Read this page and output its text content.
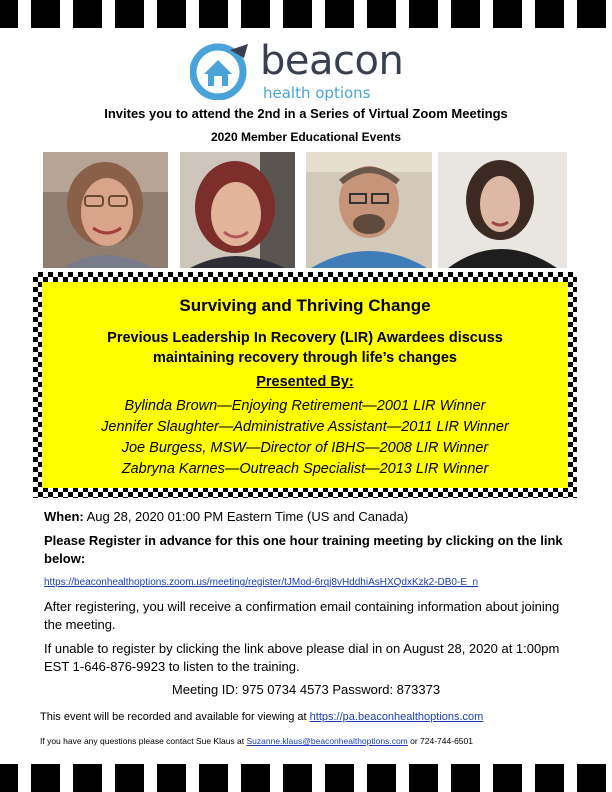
beacon
health options
Invites you to attend the 2nd in a Series of Virtual Zoom Meetings
2020 Member Educational Events
Surviving and Thriving Change
Previous Leadership In Recovery (LIR) Awardees discuss
maintaining recovery through life’s changes
Presented By:
Bylinda Brown—Enjoying Retirement—2001 LIR Winner
Jennifer Slaughter—Administrative Assistant—2011 LIR Winner
Joe Burgess, MSW—Director of IBHS—2008 LIR Winner
Zabryna Karnes—Outreach Specialist—2013 LIR Winner
When: Aug 28, 2020 01:00 PM Eastern Time (US and Canada)
Please Register in advance for this one hour training meeting by clicking on the link below:
https://beaconhealthoptions.zoom.us/meeting/register/tJMod-6rqj8vHddhiAsHXQdxKzk2-DB0-E_n
After registering, you will receive a confirmation email containing information about joining the meeting.
If unable to register by clicking the link above please dial in on August 28, 2020 at 1:00pm EST 1-646-876-9923 to listen to the training.
Meeting ID: 975 0734 4573 Password: 873373
This event will be recorded and available for viewing at https://pa.beaconhealthoptions.com
If you have any questions please contact Sue Klaus at Suzanne.klaus@beaconhealthoptions.com or 724-744-6501
